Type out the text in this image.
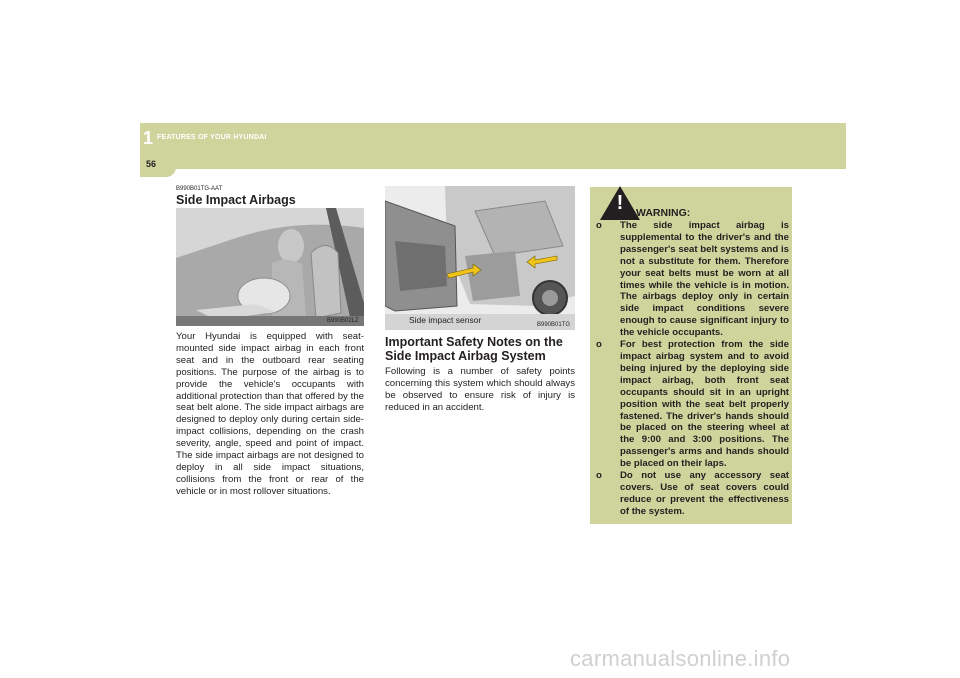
1 FEATURES OF YOUR HYUNDAI
56
B990B01TG-AAT
Side Impact Airbags
B990B02LZ
Your Hyundai is equipped with seat-mounted side impact airbag in each front seat and in the outboard rear seating positions. The purpose of the airbag is to provide the vehicle's occupants with additional protection than that offered by the seat belt alone. The side impact airbags are designed to deploy only during certain side-impact collisions, depending on the crash severity, angle, speed and point of impact. The side impact airbags are not designed to deploy in all side impact situations, collisions from the front or rear of the vehicle or in most rollover situations.
Side impact sensor	B990B01TG
Important Safety Notes on the Side Impact Airbag System
Following is a number of safety points concerning this system which should always be observed to ensure risk of injury is reduced in an accident.
!	WARNING:
o The side impact airbag is supplemental to the driver's and the passenger's seat belt systems and is not a substitute for them. Therefore your seat belts must be worn at all times while the vehicle is in motion. The airbags deploy only in certain side impact conditions severe enough to cause significant injury to the vehicle occupants.
o For best protection from the side impact airbag system and to avoid being injured by the deploying side impact airbag, both front seat occupants should sit in an upright position with the seat belt properly fastened. The driver's hands should be placed on the steering wheel at the 9:00 and 3:00 positions. The passenger's arms and hands should be placed on their laps.
o Do not use any accessory seat covers. Use of seat covers could reduce or prevent the effectiveness of the system.
carmanualsonline.info
